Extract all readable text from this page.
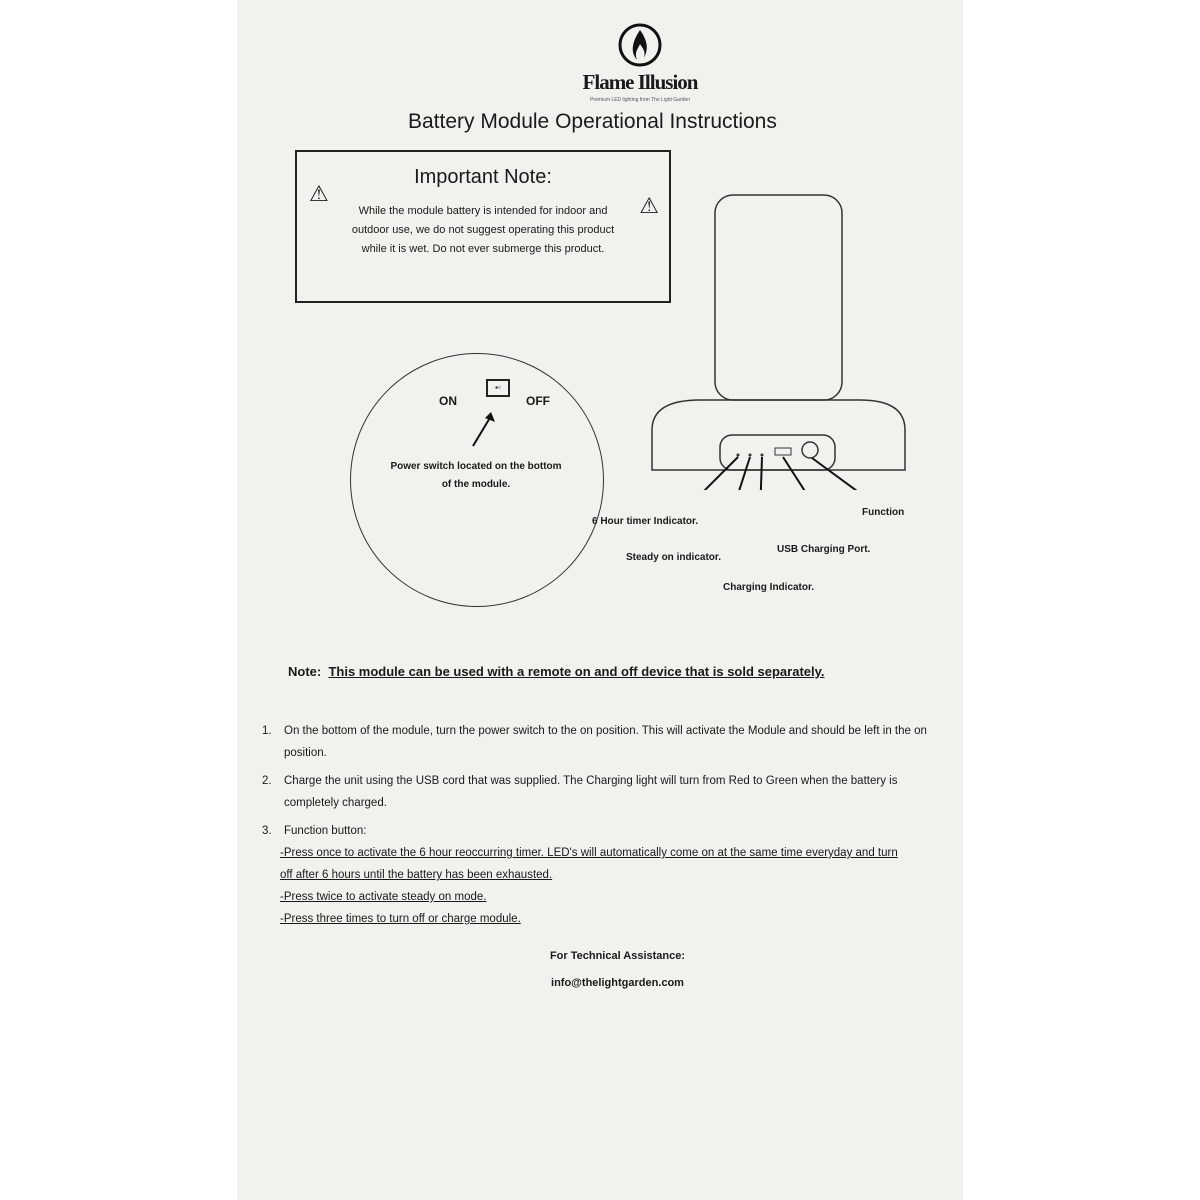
Flame Illusion
Premium LED lighting from The Light Garden
Battery Module Operational Instructions
Important Note:
⚠	⚠
While the module battery is intended for indoor and outdoor use, we do not suggest operating this product while it is wet. Do not ever submerge this product.
▪▫
ON	OFF
Power switch located on the bottom of the module.
6 Hour timer Indicator.
Steady on indicator.
Charging Indicator.
USB Charging Port.
Function
Note: This module can be used with a remote on and off device that is sold separately.
1.	On the bottom of the module, turn the power switch to the on position. This will activate the Module and should be left in the on position.
2.	Charge the unit using the USB cord that was supplied. The Charging light will turn from Red to Green when the battery is completely charged.
3.	Function button:
-Press once to activate the 6 hour reoccurring timer. LED's will automatically come on at the same time everyday and turn off after 6 hours until the battery has been exhausted.
-Press twice to activate steady on mode.
-Press three times to turn off or charge module.
For Technical Assistance:
info@thelightgarden.com
